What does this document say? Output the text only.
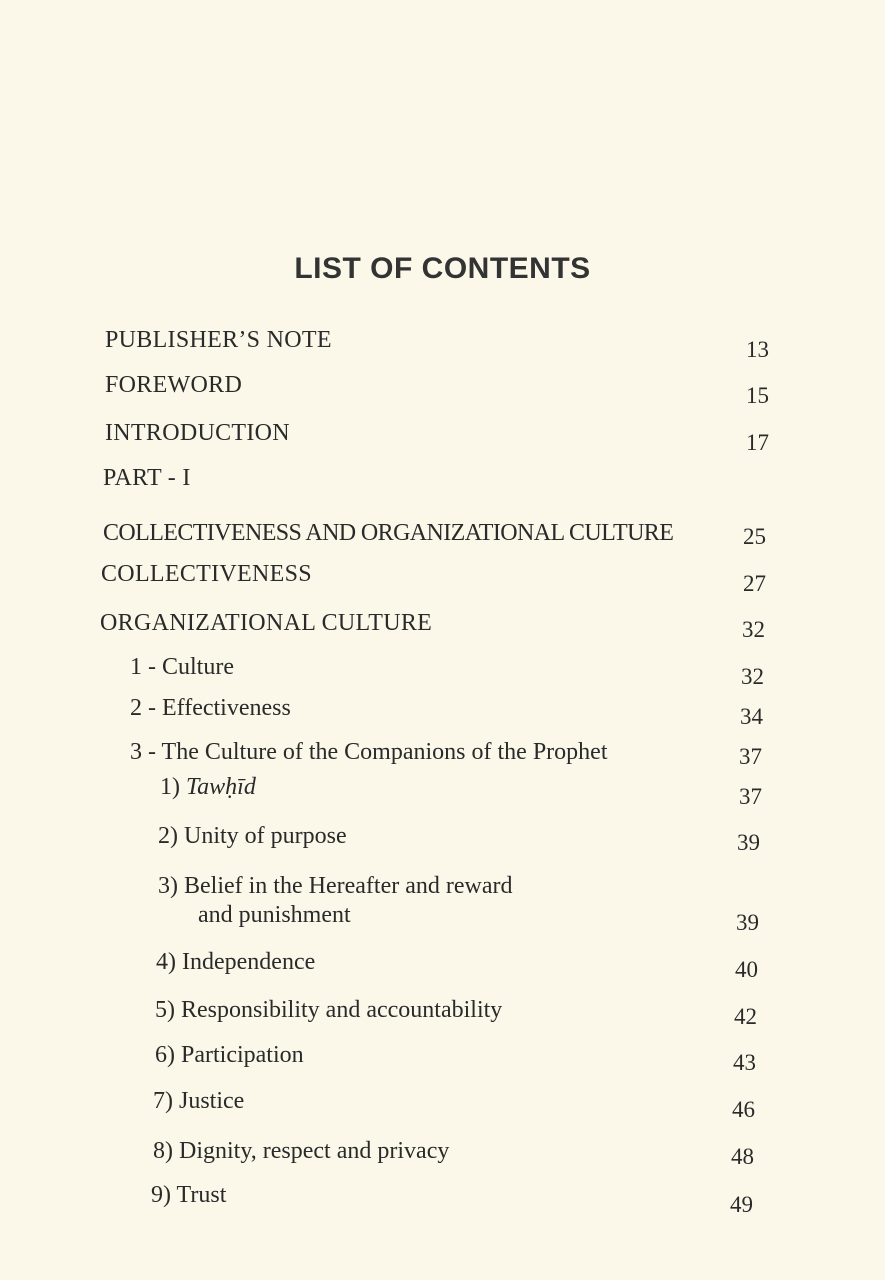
LIST OF CONTENTS
PUBLISHER’S NOTE	13
FOREWORD	15
INTRODUCTION	17
PART - I
COLLECTIVENESS AND ORGANIZATIONAL CULTURE	25
COLLECTIVENESS	27
ORGANIZATIONAL CULTURE	32
1 - Culture	32
2 - Effectiveness	34
3 - The Culture of the Companions of the Prophet	37
1) Tawḥīd	37
2) Unity of purpose	39
3) Belief in the Hereafter and reward
and punishment	39
4) Independence	40
5) Responsibility and accountability	42
6) Participation	43
7) Justice	46
8) Dignity, respect and privacy	48
9) Trust	49
